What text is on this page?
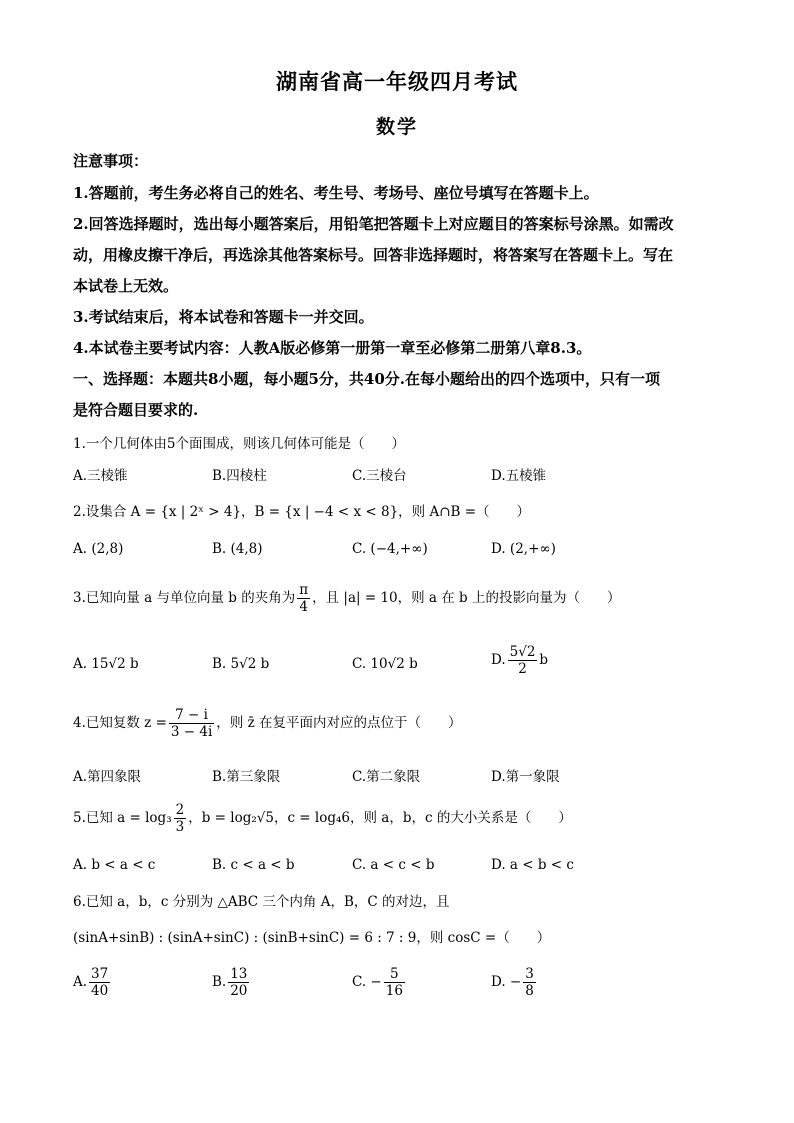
湖南省高一年级四月考试
数学
注意事项：
1.答题前，考生务必将自己的姓名、考生号、考场号、座位号填写在答题卡上。
2.回答选择题时，选出每小题答案后，用铅笔把答题卡上对应题目的答案标号涂黑。如需改
动，用橡皮擦干净后，再选涂其他答案标号。回答非选择题时，将答案写在答题卡上。写在
本试卷上无效。
3.考试结束后，将本试卷和答题卡一并交回。
4.本试卷主要考试内容：人教A版必修第一册第一章至必修第二册第八章8.3。
一、选择题：本题共8小题，每小题5分，共40分.在每小题给出的四个选项中，只有一项
是符合题目要求的.
1.一个几何体由5个面围成，则该几何体可能是（　　）
A.三棱锥	B.四棱柱	C.三棱台	D.五棱锥
2.设集合 A = {x | 2ˣ > 4}，B = {x | −4 < x < 8}，则 A∩B =（　　）
A. (2,8)	B. (4,8)	C. (−4,+∞)	D. (2,+∞)
3.已知向量 a 与单位向量 b 的夹角为 $\frac{\pi}{4}$ ，且 |a| = 10，则 a 在 b 上的投影向量为（　　）
A. 15√2 b	B. 5√2 b	C. 10√2 b	D. $\frac{5√2}{2}$ b
4.已知复数 $z = \frac{7 - i}{3 - 4i}$ ，则 z̄ 在复平面内对应的点位于（　　）
A.第四象限	B.第三象限	C.第二象限	D.第一象限
5.已知 $a = \log_3 \frac{2}{3}$ ，b = log₂√5，c = log₄6，则 a，b，c 的大小关系是（　　）
A. b < a < c	B. c < a < b	C. a < c < b	D. a < b < c
6.已知 a，b，c 分别为 △ABC 三个内角 A，B，C 的对边，且
(sinA+sinB) : (sinA+sinC) : (sinB+sinC) = 6 : 7 : 9，则 cosC =（　　）
A. $\frac{37}{40}$	B. $\frac{13}{20}$	C. − $\frac{5}{16}$	D. − $\frac{3}{8}$
